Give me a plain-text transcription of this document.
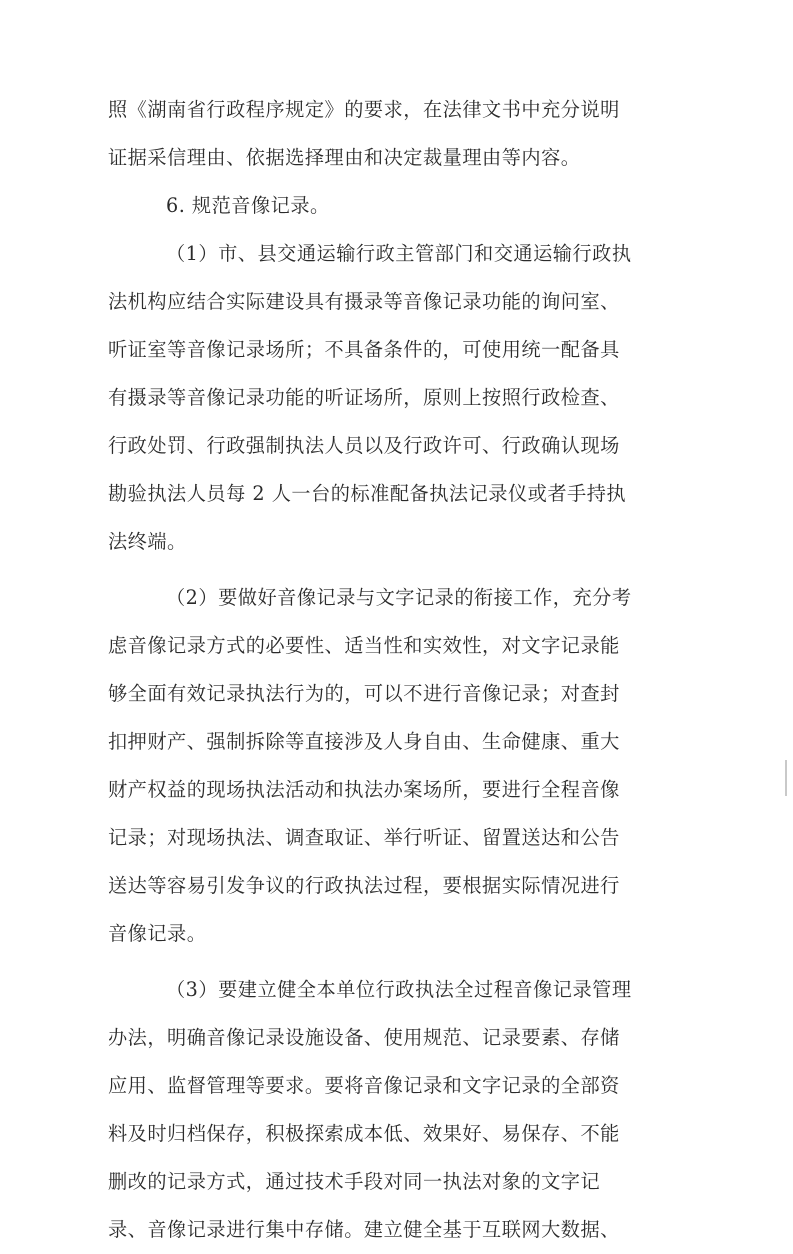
照《湖南省行政程序规定》的要求，在法律文书中充分说明
证据采信理由、依据选择理由和决定裁量理由等内容。
6. 规范音像记录。
（1）市、县交通运输行政主管部门和交通运输行政执
法机构应结合实际建设具有摄录等音像记录功能的询问室、
听证室等音像记录场所；不具备条件的，可使用统一配备具
有摄录等音像记录功能的听证场所，原则上按照行政检查、
行政处罚、行政强制执法人员以及行政许可、行政确认现场
勘验执法人员每 2 人一台的标准配备执法记录仪或者手持执
法终端。
（2）要做好音像记录与文字记录的衔接工作，充分考
虑音像记录方式的必要性、适当性和实效性，对文字记录能
够全面有效记录执法行为的，可以不进行音像记录；对查封
扣押财产、强制拆除等直接涉及人身自由、生命健康、重大
财产权益的现场执法活动和执法办案场所，要进行全程音像
记录；对现场执法、调查取证、举行听证、留置送达和公告
送达等容易引发争议的行政执法过程，要根据实际情况进行
音像记录。
（3）要建立健全本单位行政执法全过程音像记录管理
办法，明确音像记录设施设备、使用规范、记录要素、存储
应用、监督管理等要求。要将音像记录和文字记录的全部资
料及时归档保存，积极探索成本低、效果好、易保存、不能
删改的记录方式，通过技术手段对同一执法对象的文字记
录、音像记录进行集中存储。建立健全基于互联网大数据、
